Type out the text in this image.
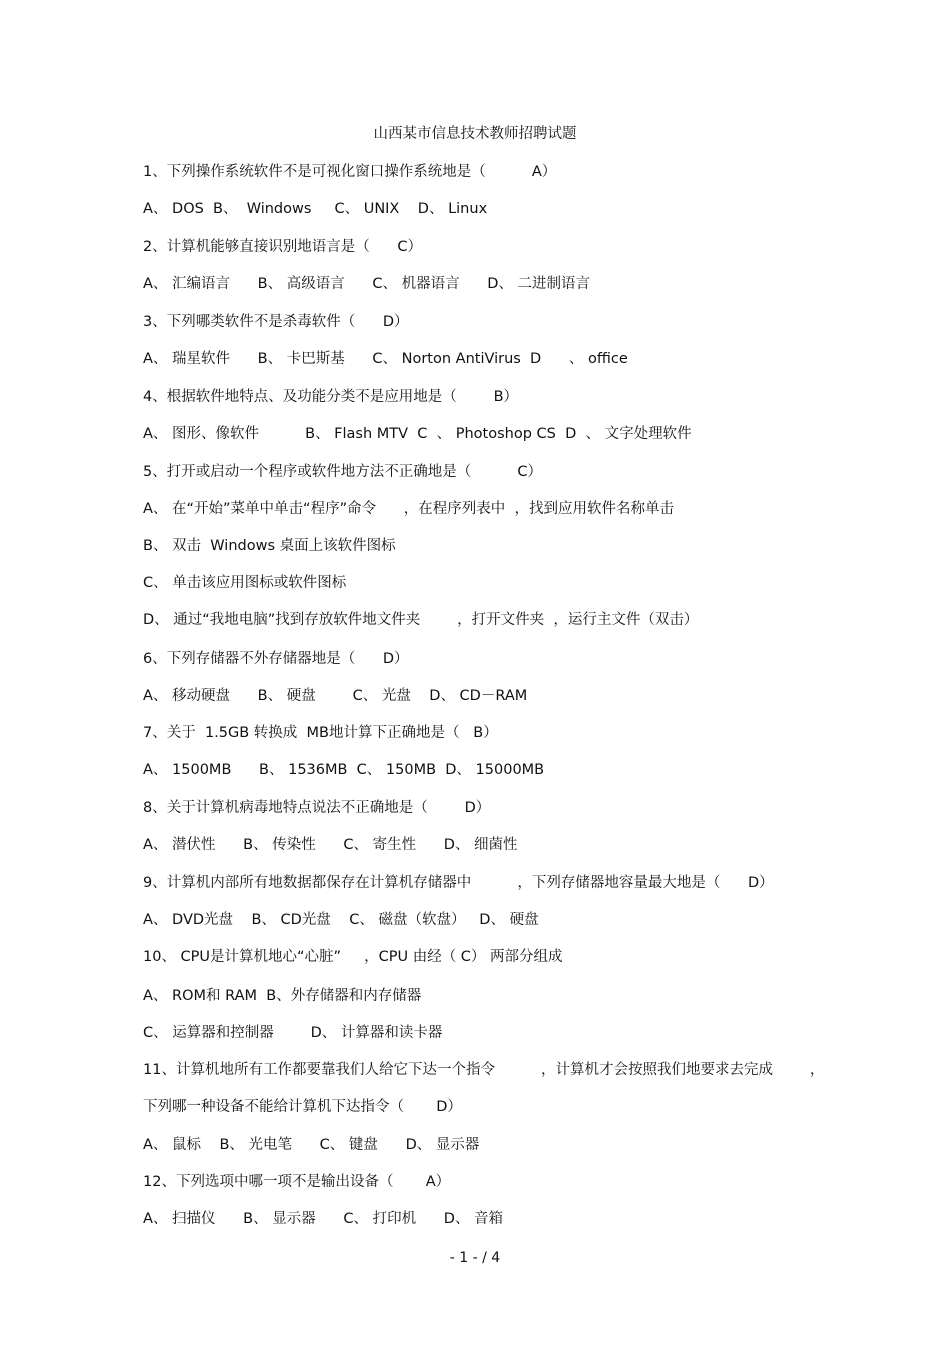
山西某市信息技术教师招聘试题
1、下列操作系统软件不是可视化窗口操作系统地是（          A）
A、 DOS  B、  Windows     C、 UNIX    D、 Linux
2、计算机能够直接识别地语言是（      C）
A、 汇编语言      B、 高级语言      C、 机器语言      D、 二进制语言
3、下列哪类软件不是杀毒软件（      D）
A、 瑞星软件      B、 卡巴斯基      C、 Norton AntiVirus  D      、 office
4、根据软件地特点、及功能分类不是应用地是（        B）
A、 图形、像软件          B、 Flash MTV  C  、 Photoshop CS  D  、 文字处理软件
5、打开或启动一个程序或软件地方法不正确地是（          C）
A、 在“开始”菜单中单击“程序”命令      ，在程序列表中  ，找到应用软件名称单击
B、 双击  Windows 桌面上该软件图标
C、 单击该应用图标或软件图标
D、 通过“我地电脑”找到存放软件地文件夹        ，打开文件夹  ，运行主文件（双击）
6、下列存储器不外存储器地是（      D）
A、 移动硬盘      B、 硬盘        C、 光盘    D、 CD－RAM
7、关于  1.5GB 转换成  MB地计算下正确地是（   B）
A、 1500MB      B、 1536MB  C、 150MB  D、 15000MB
8、关于计算机病毒地特点说法不正确地是（        D）
A、 潜伏性      B、 传染性      C、 寄生性      D、 细菌性
9、计算机内部所有地数据都保存在计算机存储器中          ，下列存储器地容量最大地是（      D）
A、 DVD光盘    B、 CD光盘    C、 磁盘（软盘）   D、 硬盘
10、 CPU是计算机地心“心脏”     ，CPU 由经（ C） 两部分组成
A、 ROM和 RAM  B、外存储器和内存储器
C、 运算器和控制器        D、 计算器和读卡器
11、计算机地所有工作都要靠我们人给它下达一个指令          ，计算机才会按照我们地要求去完成        ，
下列哪一种设备不能给计算机下达指令（       D）
A、 鼠标    B、 光电笔      C、 键盘      D、 显示器
12、下列选项中哪一项不是输出设备（       A）
A、 扫描仪      B、 显示器      C、 打印机      D、 音箱
- 1 - / 4
